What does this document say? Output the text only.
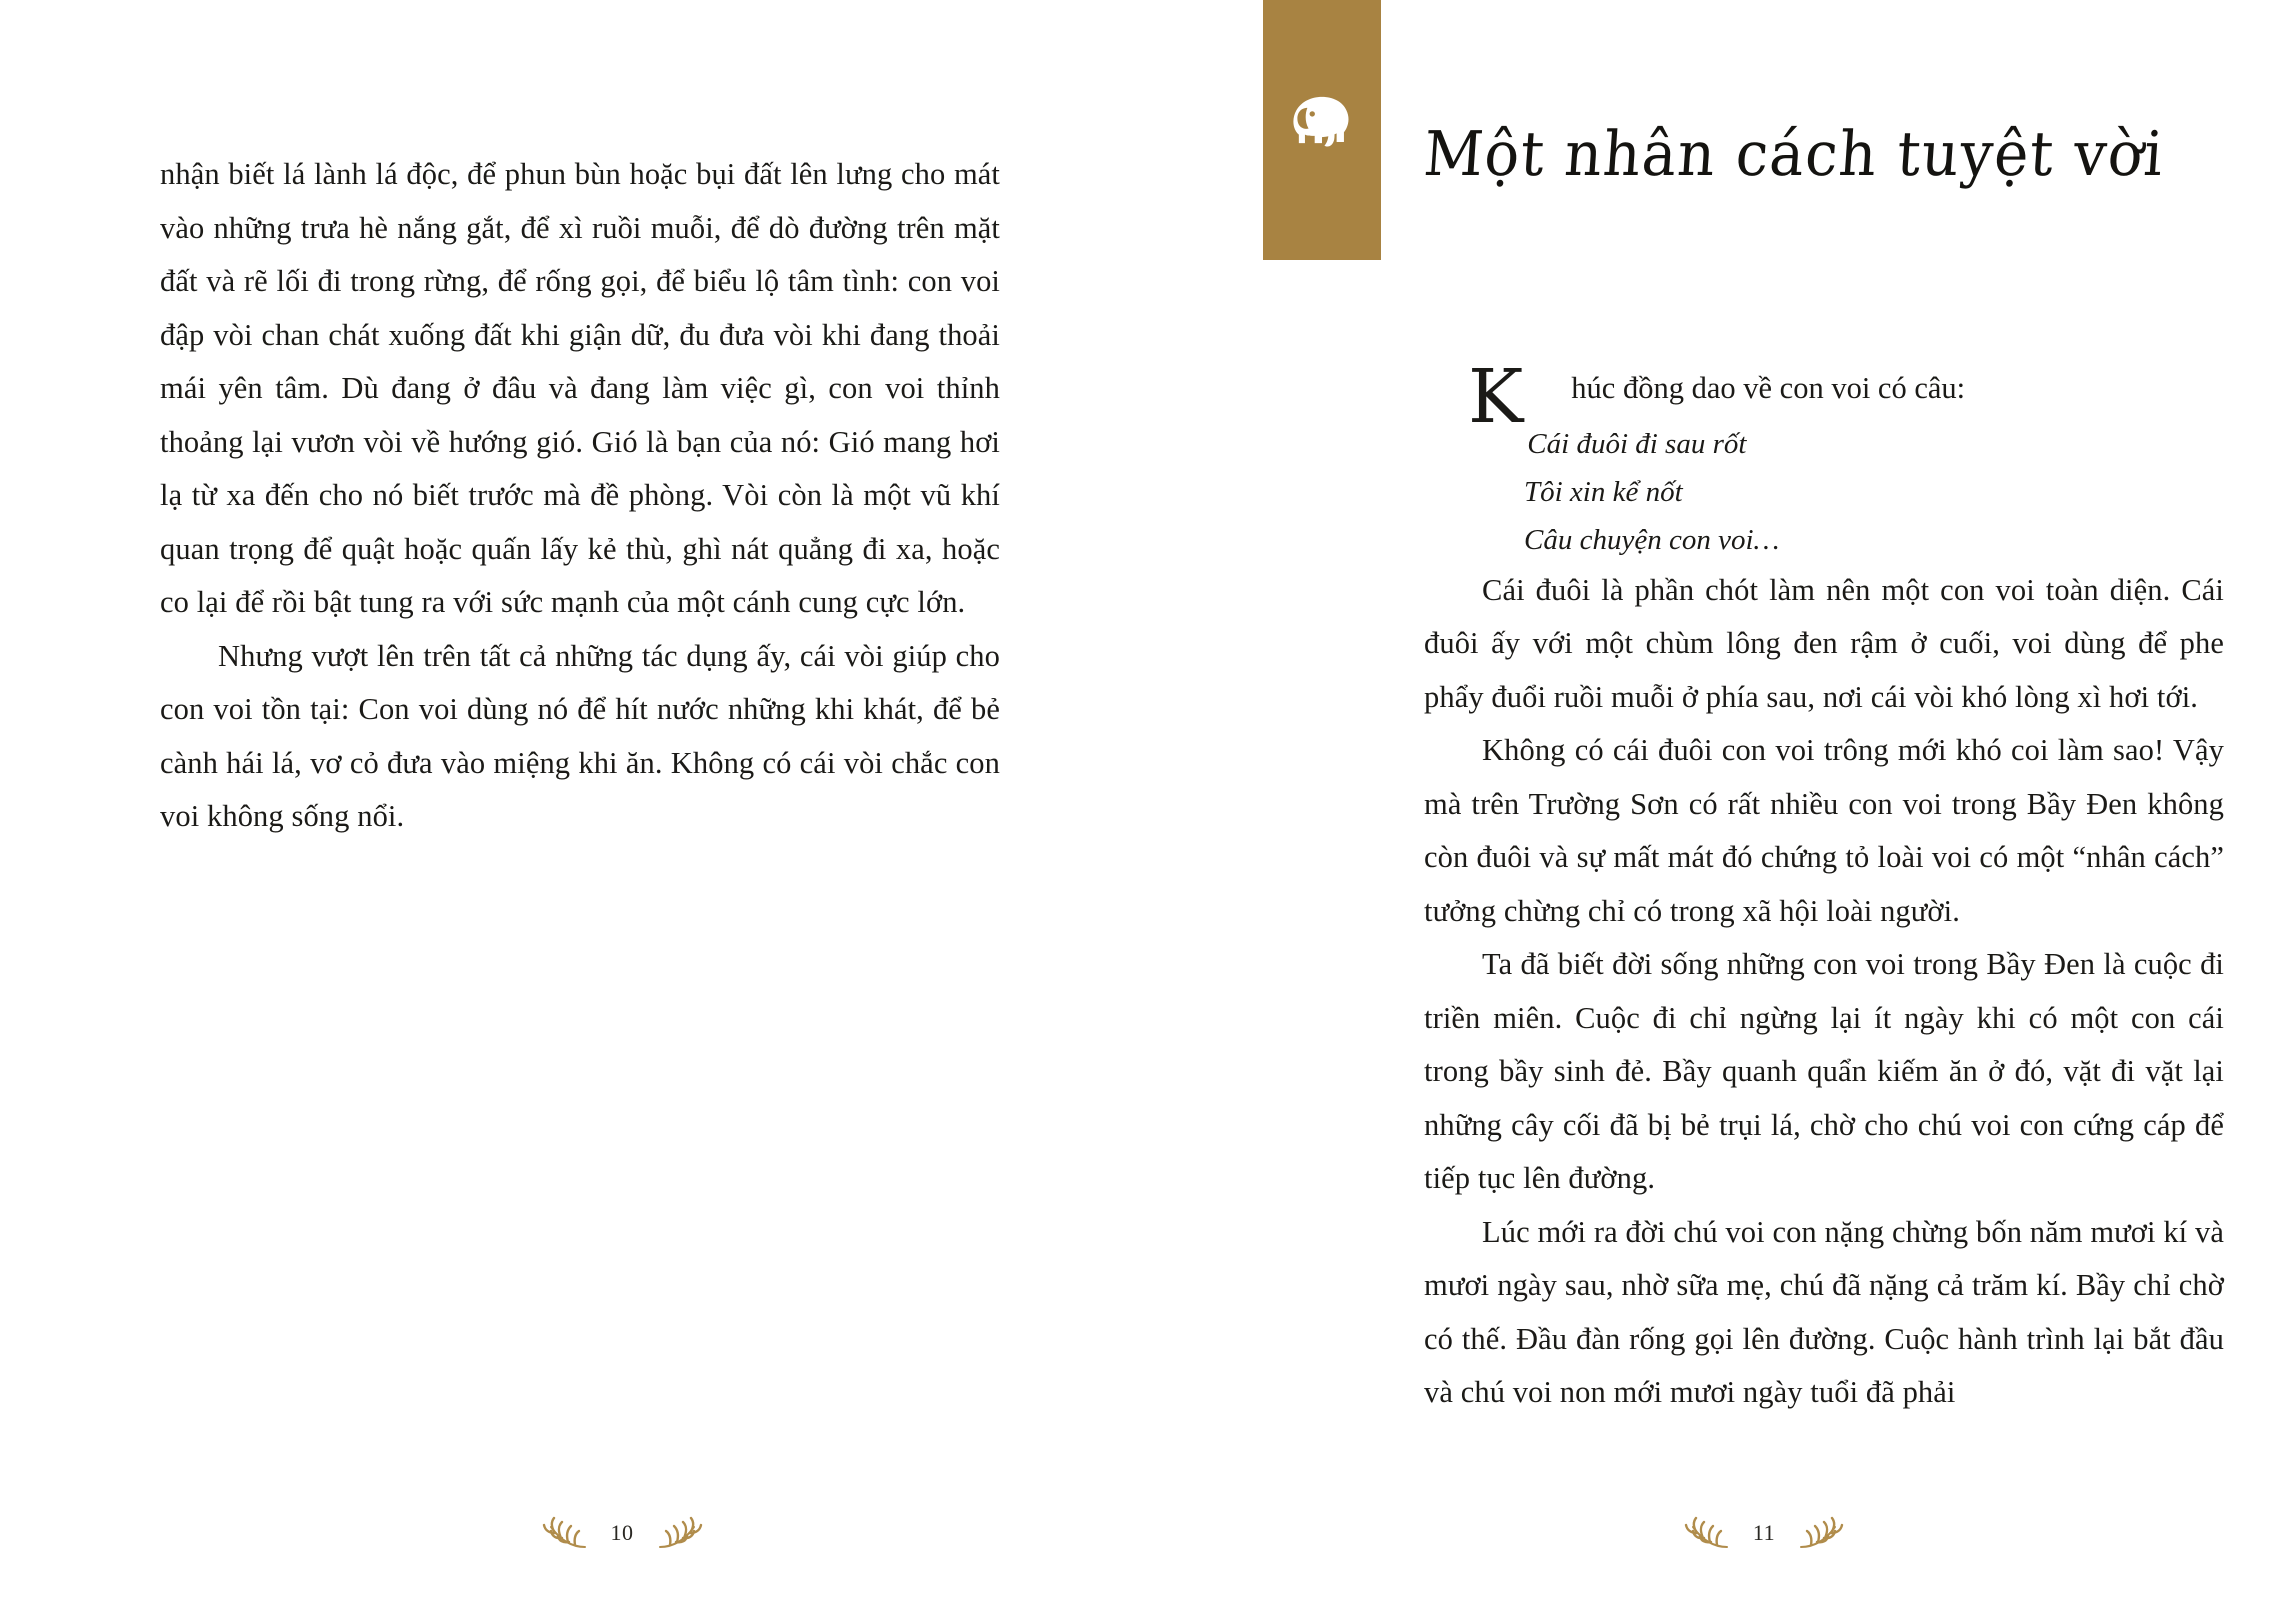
nhận biết lá lành lá độc, để phun bùn hoặc bụi đất lên lưng cho mát vào những trưa hè nắng gắt, để xì ruồi muỗi, để dò đường trên mặt đất và rẽ lối đi trong rừng, để rống gọi, để biểu lộ tâm tình: con voi đập vòi chan chát xuống đất khi giận dữ, đu đưa vòi khi đang thoải mái yên tâm. Dù đang ở đâu và đang làm việc gì, con voi thỉnh thoảng lại vươn vòi về hướng gió. Gió là bạn của nó: Gió mang hơi lạ từ xa đến cho nó biết trước mà đề phòng. Vòi còn là một vũ khí quan trọng để quật hoặc quấn lấy kẻ thù, ghì nát quẳng đi xa, hoặc co lại để rồi bật tung ra với sức mạnh của một cánh cung cực lớn.

Nhưng vượt lên trên tất cả những tác dụng ấy, cái vòi giúp cho con voi tồn tại: Con voi dùng nó để hít nước những khi khát, để bẻ cành hái lá, vơ cỏ đưa vào miệng khi ăn. Không có cái vòi chắc con voi không sống nổi.

10
Một nhân cách tuyệt vời

K húc đồng dao về con voi có câu:

Cái đuôi đi sau rốt
Tôi xin kể nốt
Câu chuyện con voi…

Cái đuôi là phần chót làm nên một con voi toàn diện. Cái đuôi ấy với một chùm lông đen rậm ở cuối, voi dùng để phe phẩy đuổi ruồi muỗi ở phía sau, nơi cái vòi khó lòng xì hơi tới.

Không có cái đuôi con voi trông mới khó coi làm sao! Vậy mà trên Trường Sơn có rất nhiều con voi trong Bầy Đen không còn đuôi và sự mất mát đó chứng tỏ loài voi có một “nhân cách” tưởng chừng chỉ có trong xã hội loài người.

Ta đã biết đời sống những con voi trong Bầy Đen là cuộc đi triền miên. Cuộc đi chỉ ngừng lại ít ngày khi có một con cái trong bầy sinh đẻ. Bầy quanh quẩn kiếm ăn ở đó, vặt đi vặt lại những cây cối đã bị bẻ trụi lá, chờ cho chú voi con cứng cáp để tiếp tục lên đường.

Lúc mới ra đời chú voi con nặng chừng bốn năm mươi kí và mươi ngày sau, nhờ sữa mẹ, chú đã nặng cả trăm kí. Bầy chỉ chờ có thế. Đầu đàn rống gọi lên đường. Cuộc hành trình lại bắt đầu và chú voi non mới mươi ngày tuổi đã phải

11
